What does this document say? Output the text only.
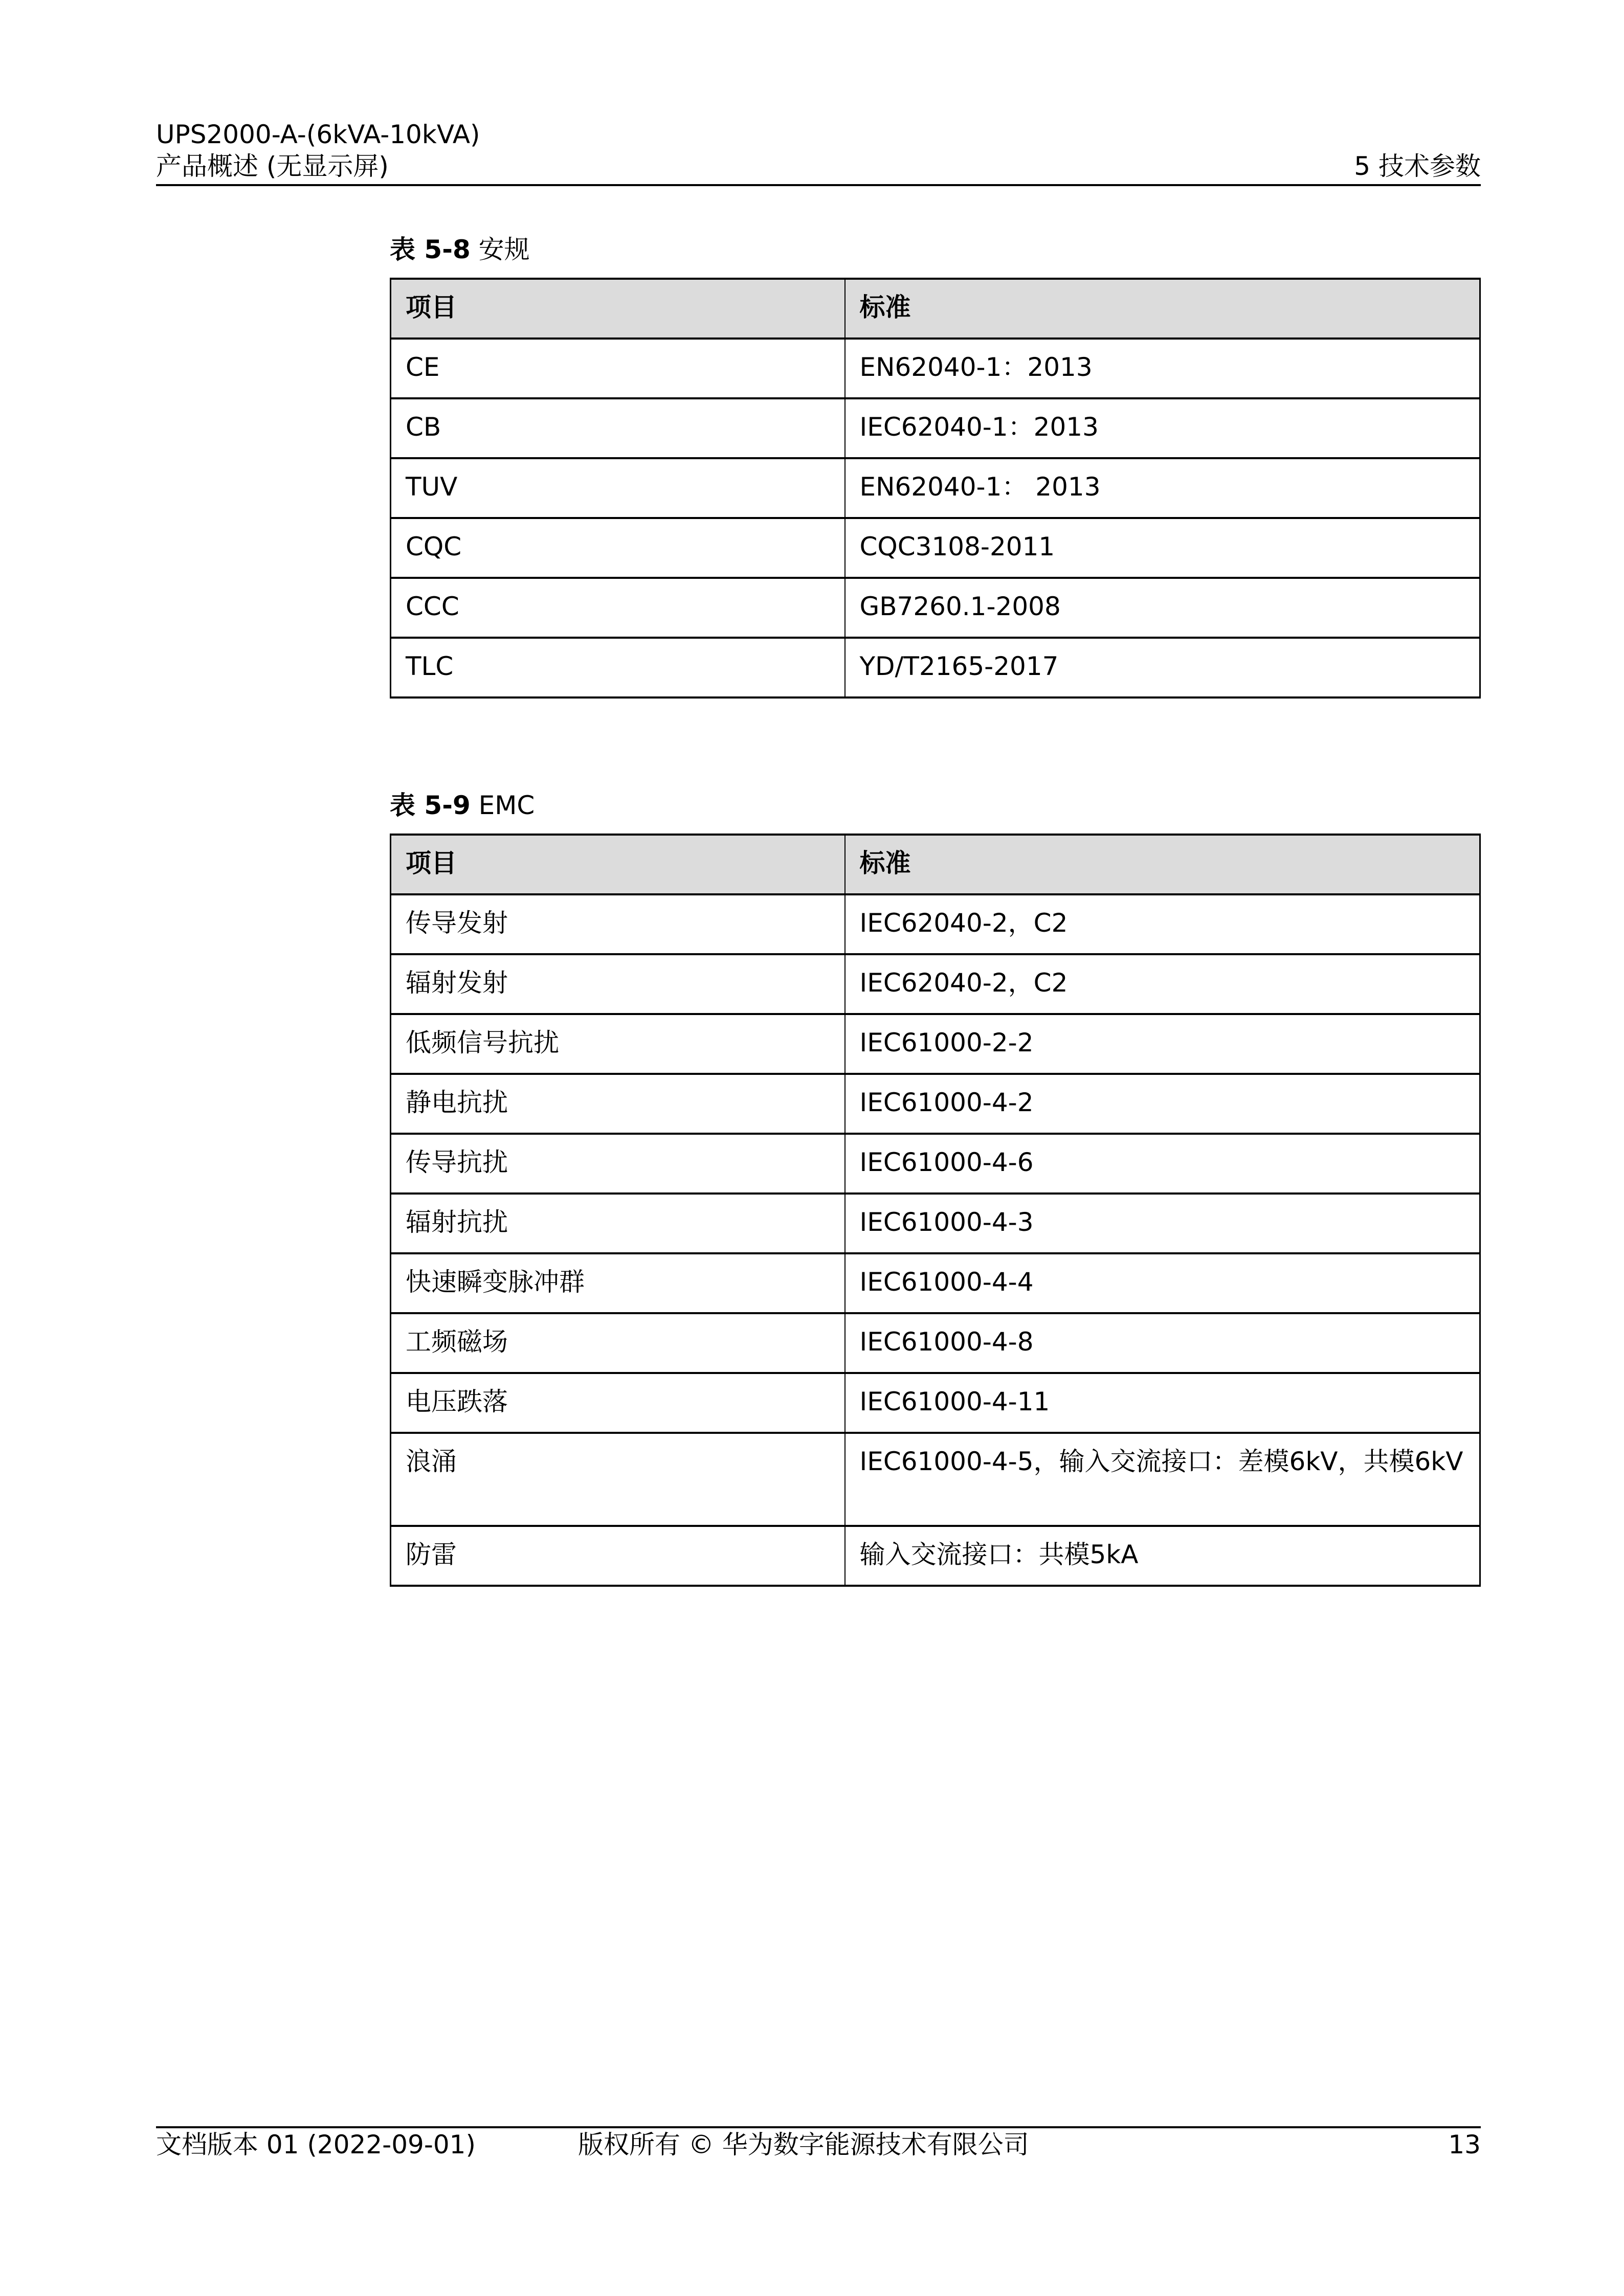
UPS2000-A-(6kVA-10kVA)
产品概述 (无显示屏)	5 技术参数
表 5-8 安规
项目	标准
CE	EN62040-1：2013
CB	IEC62040-1：2013
TUV	EN62040-1： 2013
CQC	CQC3108-2011
CCC	GB7260.1-2008
TLC	YD/T2165-2017
表 5-9 EMC
项目	标准
传导发射	IEC62040-2，C2
辐射发射	IEC62040-2，C2
低频信号抗扰	IEC61000-2-2
静电抗扰	IEC61000-4-2
传导抗扰	IEC61000-4-6
辐射抗扰	IEC61000-4-3
快速瞬变脉冲群	IEC61000-4-4
工频磁场	IEC61000-4-8
电压跌落	IEC61000-4-11
浪涌	IEC61000-4-5，输入交流接口：差模6kV，共模6kV
防雷	输入交流接口：共模5kA
文档版本 01 (2022-09-01)	版权所有 © 华为数字能源技术有限公司	13
